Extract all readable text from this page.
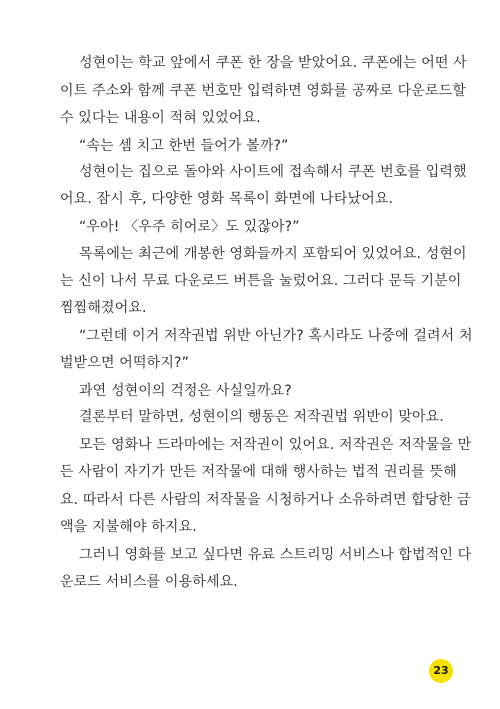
성현이는 학교 앞에서 쿠폰 한 장을 받았어요. 쿠폰에는 어떤 사
이트 주소와 함께 쿠폰 번호만 입력하면 영화를 공짜로 다운로드할
수 있다는 내용이 적혀 있었어요.
“속는 셈 치고 한번 들어가 볼까?”
성현이는 집으로 돌아와 사이트에 접속해서 쿠폰 번호를 입력했
어요. 잠시 후, 다양한 영화 목록이 화면에 나타났어요.
“우아! 〈우주 히어로〉도 있잖아?”
목록에는 최근에 개봉한 영화들까지 포함되어 있었어요. 성현이
는 신이 나서 무료 다운로드 버튼을 눌렀어요. 그러다 문득 기분이
찜찜해졌어요.
“그런데 이거 저작권법 위반 아닌가? 혹시라도 나중에 걸려서 처
벌받으면 어떡하지?”
과연 성현이의 걱정은 사실일까요?
결론부터 말하면, 성현이의 행동은 저작권법 위반이 맞아요.
모든 영화나 드라마에는 저작권이 있어요. 저작권은 저작물을 만
든 사람이 자기가 만든 저작물에 대해 행사하는 법적 권리를 뜻해
요. 따라서 다른 사람의 저작물을 시청하거나 소유하려면 합당한 금
액을 지불해야 하지요.
그러니 영화를 보고 싶다면 유료 스트리밍 서비스나 합법적인 다
운로드 서비스를 이용하세요.
23
